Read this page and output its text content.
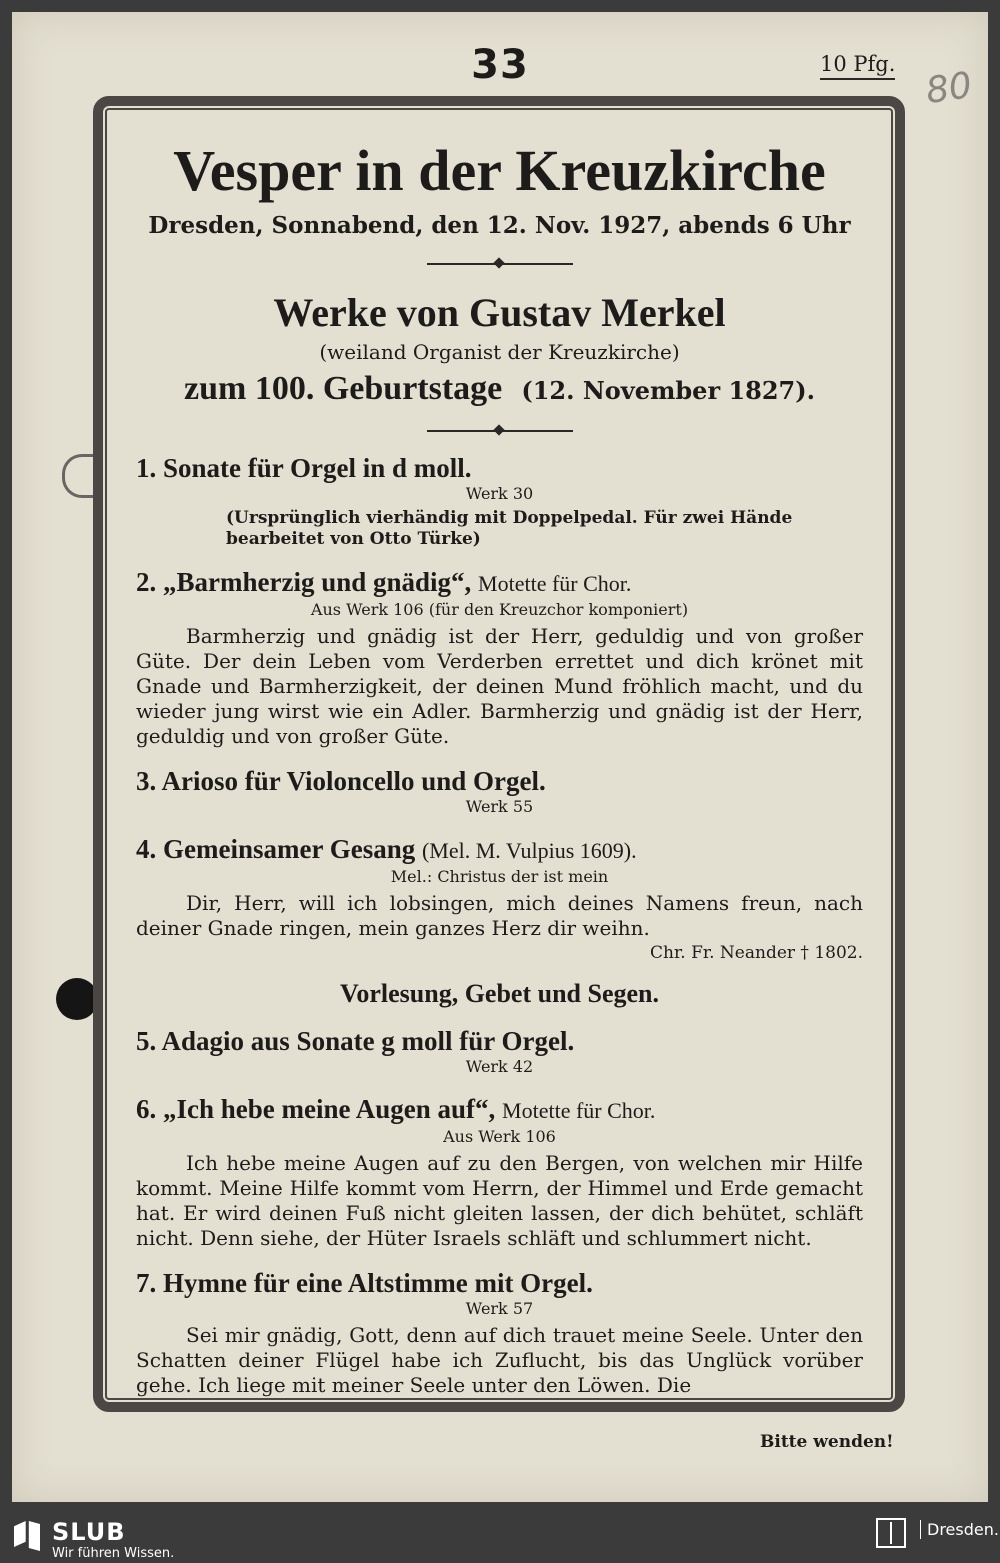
33	10 Pfg.
80
Vesper in der Kreuzkirche
Dresden, Sonnabend, den 12. Nov. 1927, abends 6 Uhr
Werke von Gustav Merkel
(weiland Organist der Kreuzkirche)
zum 100. Geburtstage (12. November 1827).
1. Sonate für Orgel in d moll.
Werk 30
(Ursprünglich vierhändig mit Doppelpedal. Für zwei Hände bearbeitet von Otto Türke)
2. „Barmherzig und gnädig“, Motette für Chor.
Aus Werk 106 (für den Kreuzchor komponiert)
Barmherzig und gnädig ist der Herr, geduldig und von großer Güte. Der dein Leben vom Verderben errettet und dich krönet mit Gnade und Barmherzigkeit, der deinen Mund fröhlich macht, und du wieder jung wirst wie ein Adler. Barmherzig und gnädig ist der Herr, geduldig und von großer Güte.
3. Arioso für Violoncello und Orgel.
Werk 55
4. Gemeinsamer Gesang (Mel. M. Vulpius 1609).
Mel.: Christus der ist mein
Dir, Herr, will ich lobsingen, mich deines Namens freun, nach deiner Gnade ringen, mein ganzes Herz dir weihn.
Chr. Fr. Neander † 1802.
Vorlesung, Gebet und Segen.
5. Adagio aus Sonate g moll für Orgel.
Werk 42
6. „Ich hebe meine Augen auf“, Motette für Chor.
Aus Werk 106
Ich hebe meine Augen auf zu den Bergen, von welchen mir Hilfe kommt. Meine Hilfe kommt vom Herrn, der Himmel und Erde gemacht hat. Er wird deinen Fuß nicht gleiten lassen, der dich behütet, schläft nicht. Denn siehe, der Hüter Israels schläft und schlummert nicht.
7. Hymne für eine Altstimme mit Orgel.
Werk 57
Sei mir gnädig, Gott, denn auf dich trauet meine Seele. Unter den Schatten deiner Flügel habe ich Zuflucht, bis das Unglück vorüber gehe. Ich liege mit meiner Seele unter den Löwen. Die
Bitte wenden!
SLUB
Wir führen Wissen.
Dresden.
